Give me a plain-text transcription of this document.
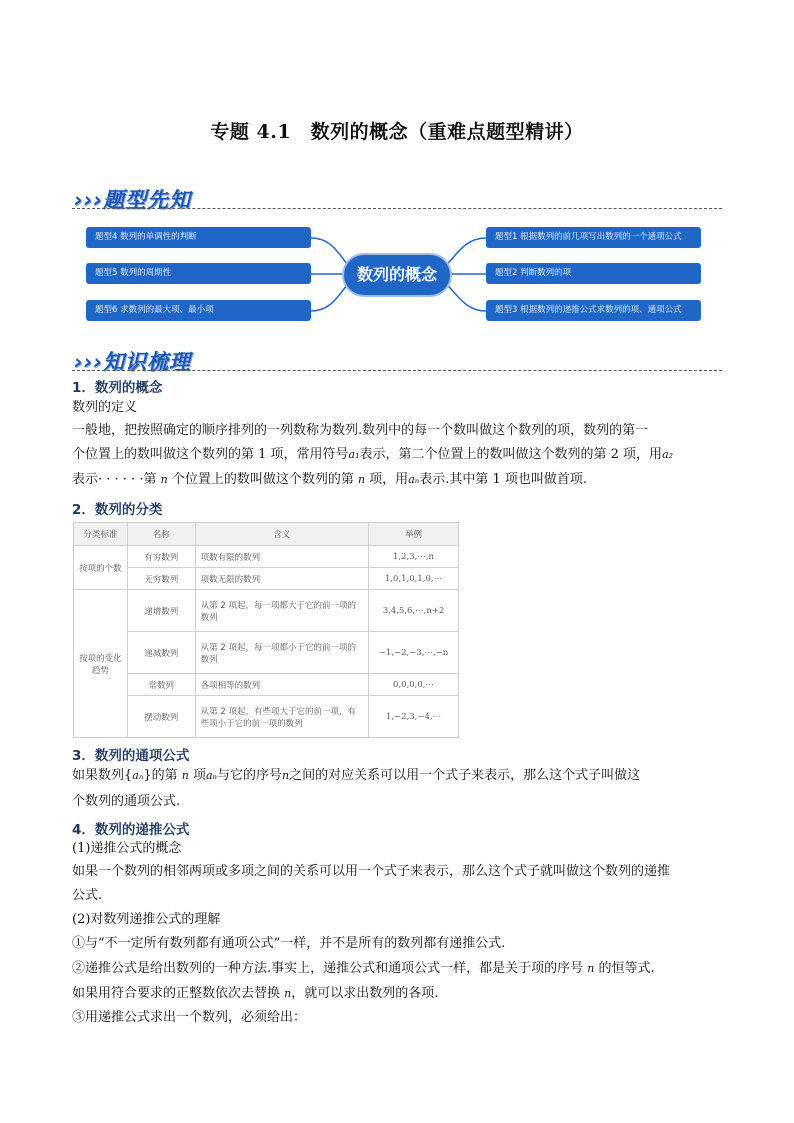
专题 4.1　数列的概念（重难点题型精讲）
›››题型先知
题型4 数列的单调性的判断
题型5 数列的周期性
题型6 求数列的最大项、最小项
数列的概念
题型1 根据数列的前几项写出数列的一个通项公式
题型2 判断数列的项
题型3 根据数列的递推公式求数列的项、通项公式
›››知识梳理
1．数列的概念
数列的定义
一般地，把按照确定的顺序排列的一列数称为数列.数列中的每一个数叫做这个数列的项，数列的第一
个位置上的数叫做这个数列的第 1 项，常用符号a₁表示，第二个位置上的数叫做这个数列的第 2 项，用a₂
表示· · · · · ·第 n 个位置上的数叫做这个数列的第 n 项，用aₙ表示.其中第 1 项也叫做首项.
2．数列的分类
分类标准	名称	含义	举例
按项的个数	有穷数列	项数有限的数列	1,2,3,⋯,n
	无穷数列	项数无限的数列	1,0,1,0,1,0,⋯
按项的变化趋势	递增数列	从第 2 项起，每一项都大于它的前一项的数列	3,4,5,6,⋯,n+2
	递减数列	从第 2 项起，每一项都小于它的前一项的数列	−1,−2,−3,⋯,−n
	常数列	各项相等的数列	0,0,0,0,⋯
	摆动数列	从第 2 项起，有些项大于它的前一项，有些项小于它的前一项的数列	1,−2,3,−4,⋯
3．数列的通项公式
如果数列{aₙ}的第 n 项aₙ与它的序号n之间的对应关系可以用一个式子来表示，那么这个式子叫做这
个数列的通项公式.
4．数列的递推公式
(1)递推公式的概念
如果一个数列的相邻两项或多项之间的关系可以用一个式子来表示，那么这个式子就叫做这个数列的递推
公式.
(2)对数列递推公式的理解
①与“不一定所有数列都有通项公式”一样，并不是所有的数列都有递推公式.
②递推公式是给出数列的一种方法.事实上，递推公式和通项公式一样，都是关于项的序号 n 的恒等式.
如果用符合要求的正整数依次去替换 n，就可以求出数列的各项.
③用递推公式求出一个数列，必须给出：
